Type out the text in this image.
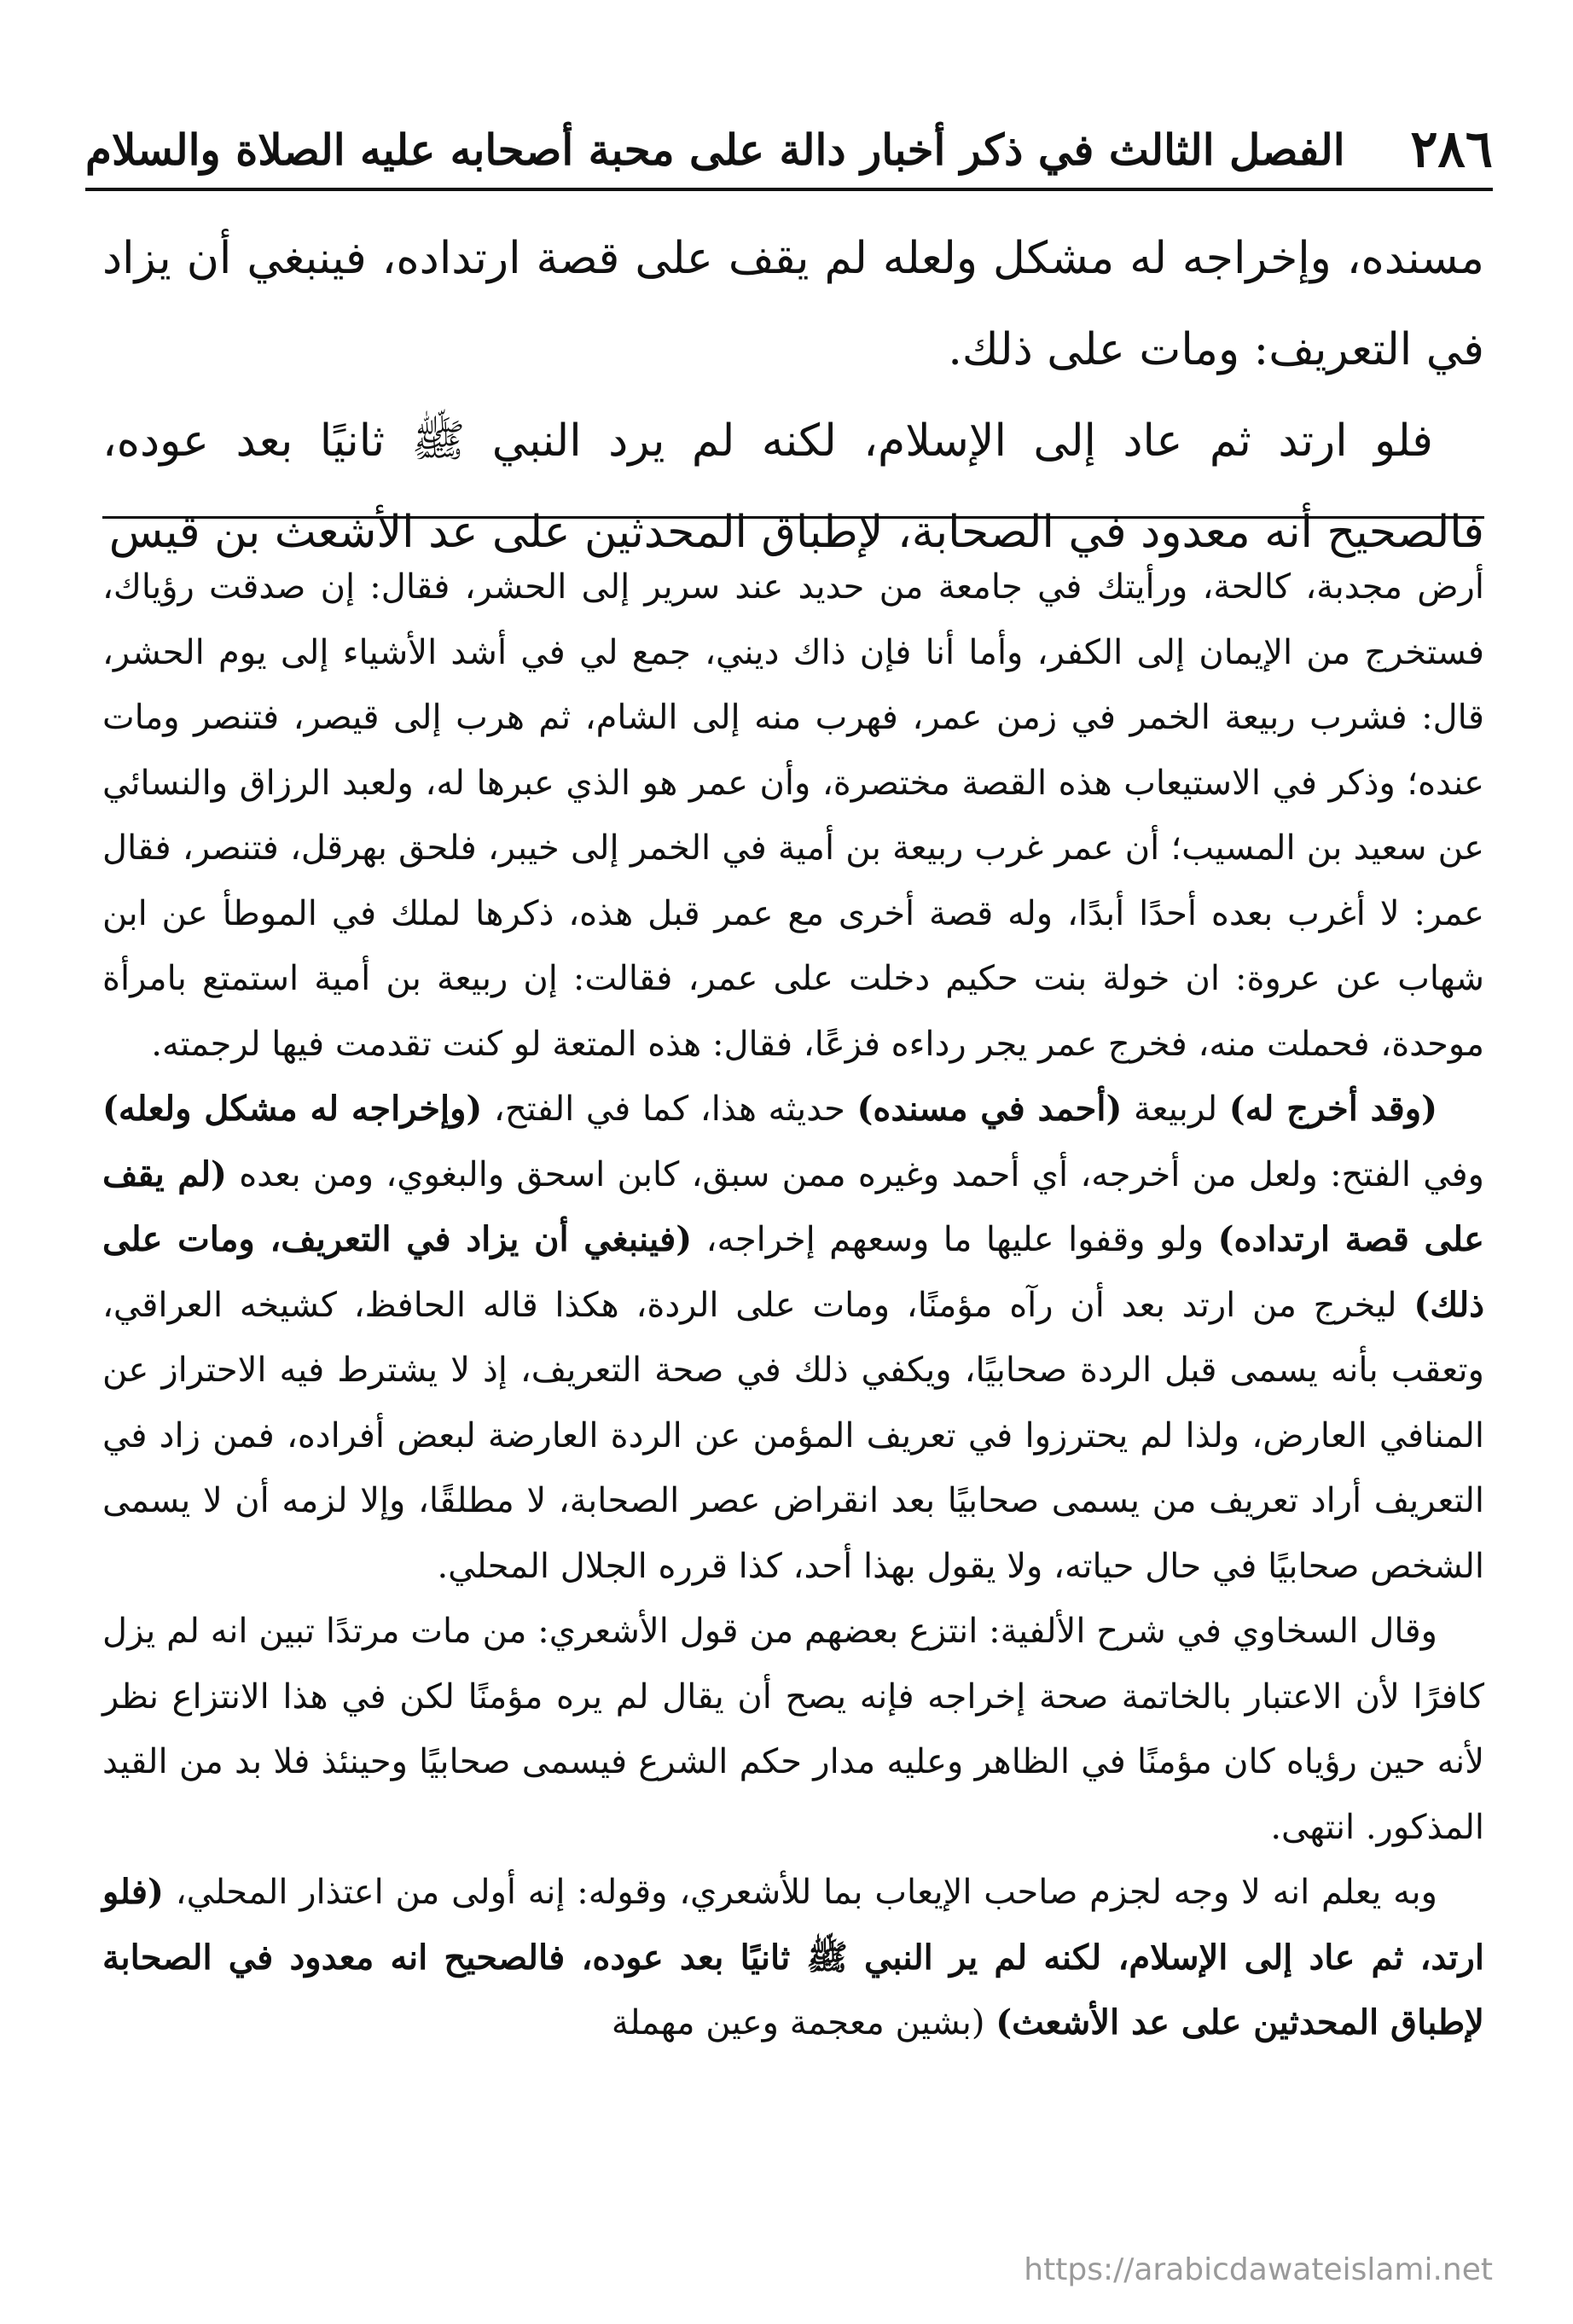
٢٨٦
الفصل الثالث في ذكر أخبار دالة على محبة أصحابه عليه الصلاة والسلام

مسنده، وإخراجه له مشكل ولعله لم يقف على قصة ارتداده، فينبغي أن يزاد في التعريف: ومات على ذلك.

فلو ارتد ثم عاد إلى الإسلام، لكنه لم يرد النبي ﷺ ثانيًا بعد عوده، فالصحيح أنه معدود في الصحابة، لإطباق المحدثين على عد الأشعث بن قيس

أرض مجدبة، كالحة، ورأيتك في جامعة من حديد عند سرير إلى الحشر، فقال: إن صدقت رؤياك، فستخرج من الإيمان إلى الكفر، وأما أنا فإن ذاك ديني، جمع لي في أشد الأشياء إلى يوم الحشر، قال: فشرب ربيعة الخمر في زمن عمر، فهرب منه إلى الشام، ثم هرب إلى قيصر، فتنصر ومات عنده؛ وذكر في الاستيعاب هذه القصة مختصرة، وأن عمر هو الذي عبرها له، ولعبد الرزاق والنسائي عن سعيد بن المسيب؛ أن عمر غرب ربيعة بن أمية في الخمر إلى خيبر، فلحق بهرقل، فتنصر، فقال عمر: لا أغرب بعده أحدًا أبدًا، وله قصة أخرى مع عمر قبل هذه، ذكرها لملك في الموطأ عن ابن شهاب عن عروة: ان خولة بنت حكيم دخلت على عمر، فقالت: إن ربيعة بن أمية استمتع بامرأة موحدة، فحملت منه، فخرج عمر يجر رداءه فزعًا، فقال: هذه المتعة لو كنت تقدمت فيها لرجمته.

(وقد أخرج له) لربيعة (أحمد في مسنده) حديثه هذا، كما في الفتح، (وإخراجه له مشكل ولعله) وفي الفتح: ولعل من أخرجه، أي أحمد وغيره ممن سبق، كابن اسحق والبغوي، ومن بعده (لم يقف على قصة ارتداده) ولو وقفوا عليها ما وسعهم إخراجه، (فينبغي أن يزاد في التعريف، ومات على ذلك) ليخرج من ارتد بعد أن رآه مؤمنًا، ومات على الردة، هكذا قاله الحافظ، كشيخه العراقي، وتعقب بأنه يسمى قبل الردة صحابيًا، ويكفي ذلك في صحة التعريف، إذ لا يشترط فيه الاحتراز عن المنافي العارض، ولذا لم يحترزوا في تعريف المؤمن عن الردة العارضة لبعض أفراده، فمن زاد في التعريف أراد تعريف من يسمى صحابيًا بعد انقراض عصر الصحابة، لا مطلقًا، وإلا لزمه أن لا يسمى الشخص صحابيًا في حال حياته، ولا يقول بهذا أحد، كذا قرره الجلال المحلي.

وقال السخاوي في شرح الألفية: انتزع بعضهم من قول الأشعري: من مات مرتدًا تبين انه لم يزل كافرًا لأن الاعتبار بالخاتمة صحة إخراجه فإنه يصح أن يقال لم يره مؤمنًا لكن في هذا الانتزاع نظر لأنه حين رؤياه كان مؤمنًا في الظاهر وعليه مدار حكم الشرع فيسمى صحابيًا وحينئذ فلا بد من القيد المذكور. انتهى.

وبه يعلم انه لا وجه لجزم صاحب الإيعاب بما للأشعري، وقوله: إنه أولى من اعتذار المحلي، (فلو ارتد، ثم عاد إلى الإسلام، لكنه لم ير النبي ﷺ ثانيًا بعد عوده، فالصحيح انه معدود في الصحابة لإطباق المحدثين على عد الأشعث) (بشين معجمة وعين مهملة

https://arabicdawateislami.net
